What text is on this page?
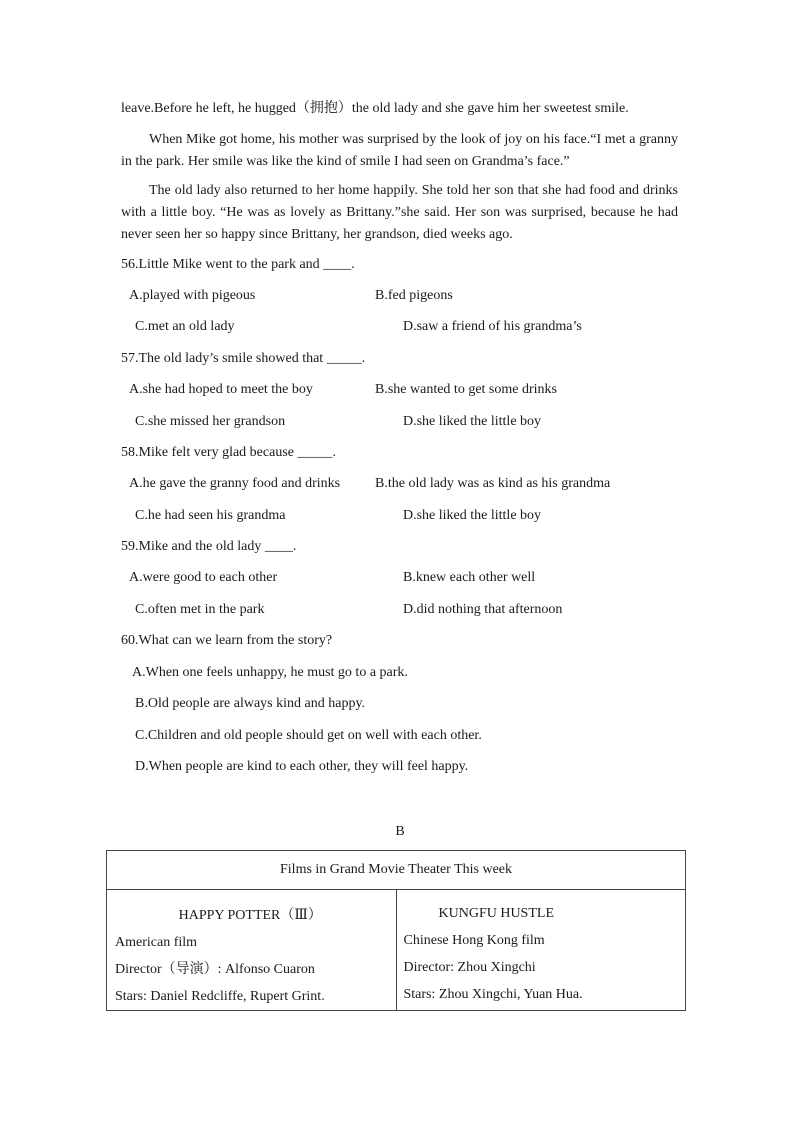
leave.Before he left, he hugged（拥抱）the old lady and she gave him her sweetest smile.

When Mike got home, his mother was surprised by the look of joy on his face.“I met a granny in the park. Her smile was like the kind of smile I had seen on Grandma’s face.”

The old lady also returned to her home happily. She told her son that she had food and drinks with a little boy. “He was as lovely as Brittany.”she said. Her son was surprised, because he had never seen her so happy since Brittany, her grandson, died weeks ago.

56.Little Mike went to the park and ____.
A.played with pigeous	B.fed pigeons
C.met an old lady	D.saw a friend of his grandma’s
57.The old lady’s smile showed that _____.
A.she had hoped to meet the boy	B.she wanted to get some drinks
C.she missed her grandson	D.she liked the little boy
58.Mike felt very glad because _____.
A.he gave the granny food and drinks B.the old lady was as kind as his grandma
C.he had seen his grandma	D.she liked the little boy
59.Mike and the old lady ____.
A.were good to each other	B.knew each other well
C.often met in the park	D.did nothing that afternoon
60.What can we learn from the story?
A.When one feels unhappy, he must go to a park.
B.Old people are always kind and happy.
C.Children and old people should get on well with each other.
D.When people are kind to each other, they will feel happy.
B
Films in Grand Movie Theater This week

HAPPY POTTER（Ⅲ）
American film
Director（导演）: Alfonso Cuaron
Stars: Daniel Redcliffe, Rupert Grint.

KUNGFU HUSTLE
Chinese Hong Kong film
Director: Zhou Xingchi
Stars: Zhou Xingchi, Yuan Hua.
